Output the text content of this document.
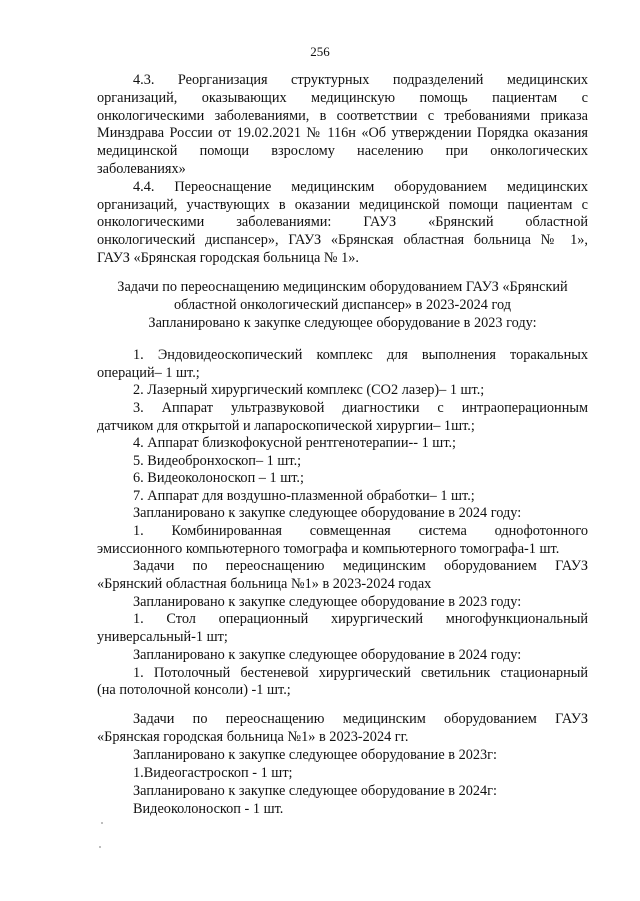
256

4.3. Реорганизация структурных подразделений медицинских

организаций, оказывающих медицинскую помощь пациентам с

онкологическими заболеваниями, в соответствии с требованиями приказа

Минздрава России от 19.02.2021 № 116н «Об утверждении Порядка оказания

медицинской помощи взрослому населению при онкологических

заболеваниях»

4.4. Переоснащение медицинским оборудованием медицинских

организаций, участвующих в оказании медицинской помощи пациентам с

онкологическими заболеваниями: ГАУЗ «Брянский областной

онкологический диспансер», ГАУЗ «Брянская областная больница № 1»,

ГАУЗ «Брянская городская больница № 1».

Задачи по переоснащению медицинским оборудованием ГАУЗ «Брянский

областной онкологический диспансер» в 2023-2024 год

Запланировано к закупке следующее оборудование в 2023 году:

1. Эндовидеоскопический комплекс для выполнения торакальных

операций– 1 шт.;

2. Лазерный хирургический комплекс (СО2 лазер)– 1 шт.;

3. Аппарат ультразвуковой диагностики с интраоперационным

датчиком для открытой и лапароскопической хирургии– 1шт.;

4. Аппарат близкофокусной рентгенотерапии-- 1 шт.;

5. Видеобронхоскоп– 1 шт.;

6. Видеоколоноскоп – 1 шт.;

7. Аппарат для воздушно-плазменной обработки– 1 шт.;

Запланировано к закупке следующее оборудование в 2024 году:

1. Комбинированная совмещенная система однофотонного

эмиссионного компьютерного томографа и компьютерного томографа-1 шт.

Задачи по переоснащению медицинским оборудованием ГАУЗ

«Брянский областная больница №1» в 2023-2024 годах

Запланировано к закупке следующее оборудование в 2023 году:

1. Стол операционный хирургический многофункциональный

универсальный-1 шт;

Запланировано к закупке следующее оборудование в 2024 году:

1. Потолочный бестеневой хирургический светильник стационарный

(на потолочной консоли) -1 шт.;

Задачи по переоснащению медицинским оборудованием ГАУЗ

«Брянская городская больница №1» в 2023-2024 гг.

Запланировано к закупке следующее оборудование в 2023г:

1.Видеогастроскоп - 1 шт;

Запланировано к закупке следующее оборудование в 2024г:

Видеоколоноскоп - 1 шт.
